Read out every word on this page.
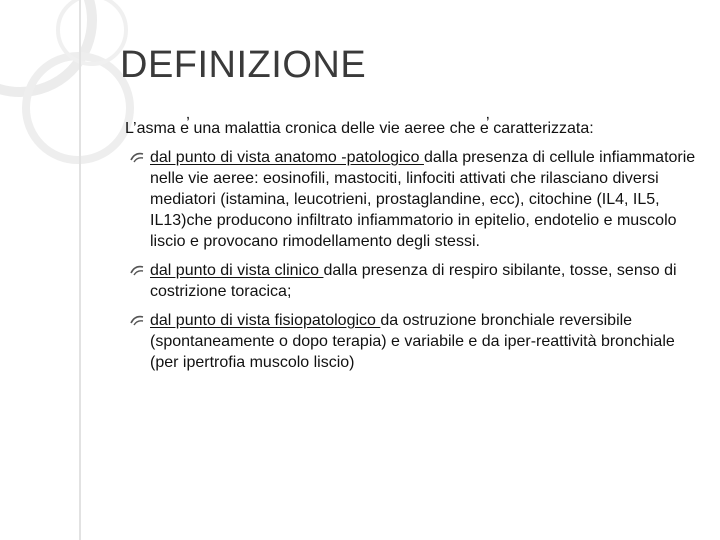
DEFINIZIONE

L’asma e̕ una malattia cronica delle vie aeree che e̕ caratterizzata:

dal punto di vista anatomo -patologico dalla presenza di cellule infiammatorie nelle vie aeree: eosinofili, mastociti, linfociti attivati che rilasciano diversi mediatori (istamina, leucotrieni, prostaglandine, ecc), citochine (IL4, IL5, IL13)che producono infiltrato infiammatorio in epitelio, endotelio e muscolo liscio e provocano rimodellamento degli stessi.
dal punto di vista clinico dalla presenza di respiro sibilante, tosse, senso di costrizione toracica;
dal punto di vista fisiopatologico da ostruzione bronchiale reversibile (spontaneamente o dopo terapia) e variabile e da iper-reattività bronchiale (per ipertrofia muscolo liscio)
